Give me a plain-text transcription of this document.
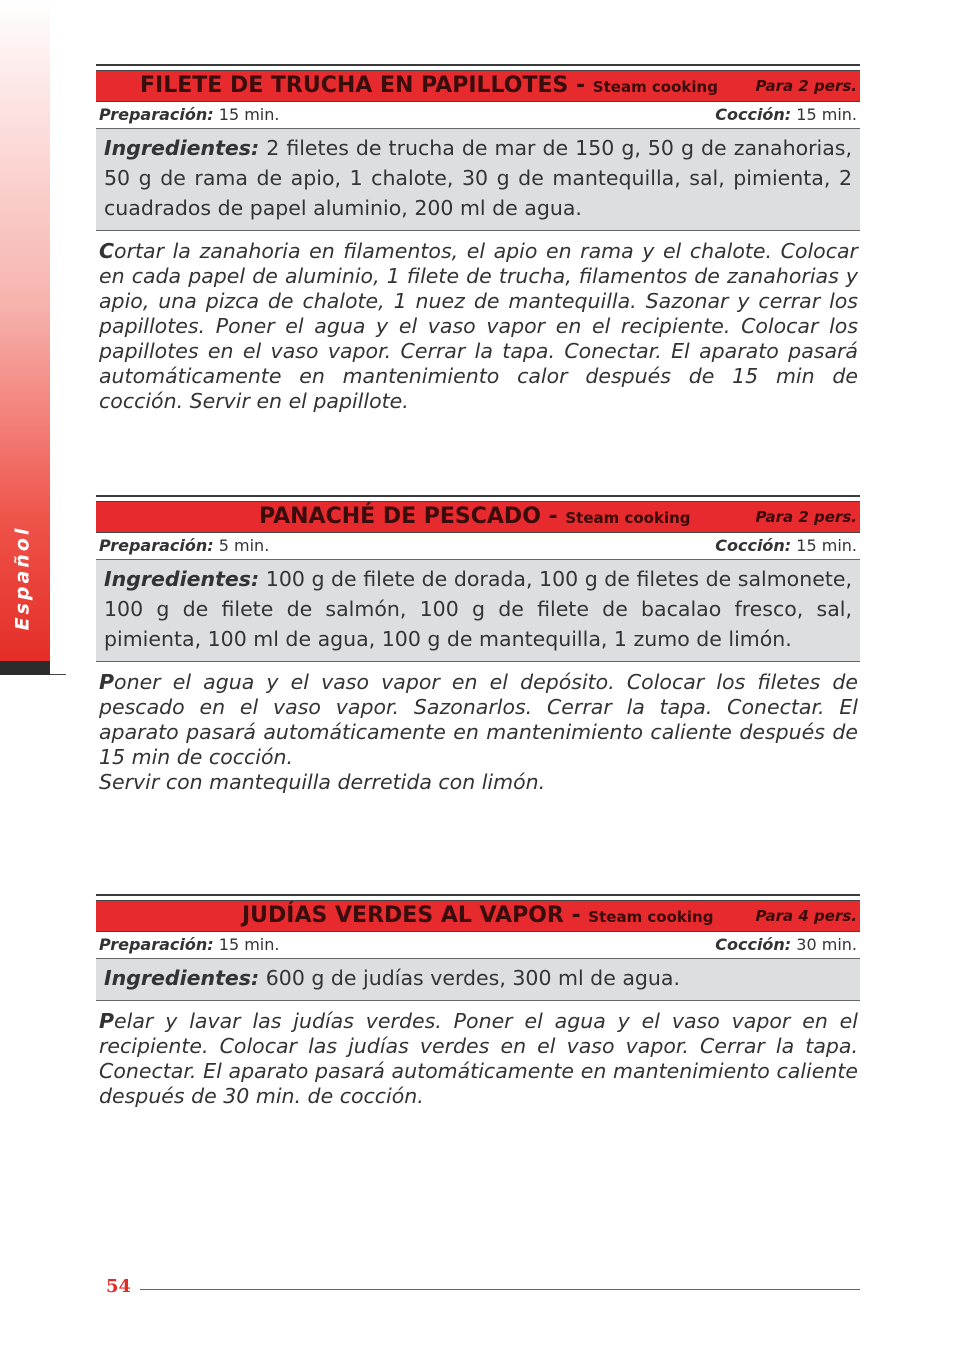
Español
FILETE DE TRUCHA EN PAPILLOTES - Steam cooking	Para 2 pers.
Preparación: 15 min.	Cocción: 15 min.
Ingredientes: 2 filetes de trucha de mar de 150 g, 50 g de zanahorias, 50 g de rama de apio, 1 chalote, 30 g de mantequilla, sal, pimienta, 2 cuadrados de papel aluminio, 200 ml de agua.

Cortar la zanahoria en filamentos, el apio en rama y el chalote. Colocar en cada papel de aluminio, 1 filete de trucha, filamentos de zanahorias y apio, una pizca de chalote, 1 nuez de mantequilla. Sazonar y cerrar los papillotes. Poner el agua y el vaso vapor en el recipiente. Colocar los papillotes en el vaso vapor. Cerrar la tapa. Conectar. El aparato pasará automáticamente en mantenimiento calor después de 15 min de cocción. Servir en el papillote.

PANACHÉ DE PESCADO - Steam cooking	Para 2 pers.
Preparación: 5 min.	Cocción: 15 min.
Ingredientes: 100 g de filete de dorada, 100 g de filetes de salmonete, 100 g de filete de salmón, 100 g de filete de bacalao fresco, sal, pimienta, 100 ml de agua, 100 g de mantequilla, 1 zumo de limón.

Poner el agua y el vaso vapor en el depósito. Colocar los filetes de pescado en el vaso vapor. Sazonarlos. Cerrar la tapa. Conectar. El aparato pasará automáticamente en mantenimiento caliente después de 15 min de cocción.

Servir con mantequilla derretida con limón.

JUDÍAS VERDES AL VAPOR - Steam cooking	Para 4 pers.
Preparación: 15 min.	Cocción: 30 min.
Ingredientes: 600 g de judías verdes, 300 ml de agua.

Pelar y lavar las judías verdes. Poner el agua y el vaso vapor en el recipiente. Colocar las judías verdes en el vaso vapor. Cerrar la tapa. Conectar. El aparato pasará automáticamente en mantenimiento caliente después de 30 min. de cocción.

54
